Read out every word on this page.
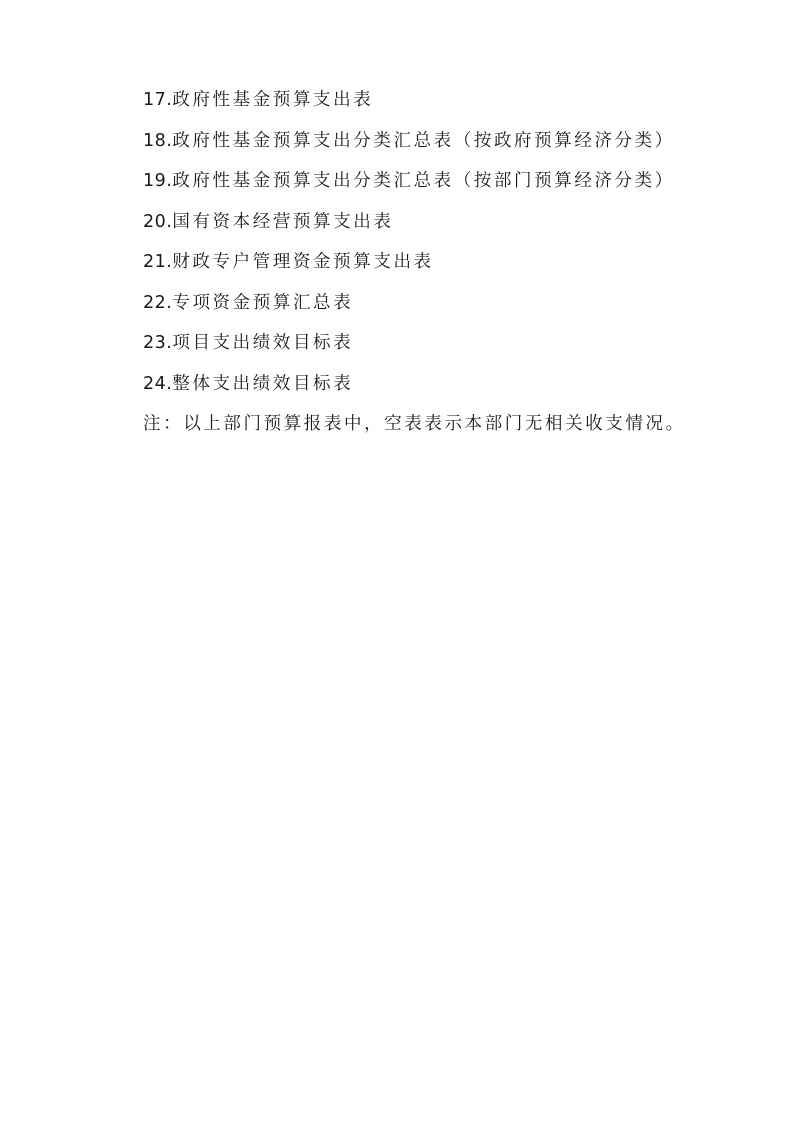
17.政府性基金预算支出表
18.政府性基金预算支出分类汇总表（按政府预算经济分类）
19.政府性基金预算支出分类汇总表（按部门预算经济分类）
20.国有资本经营预算支出表
21.财政专户管理资金预算支出表
22.专项资金预算汇总表
23.项目支出绩效目标表
24.整体支出绩效目标表
注：以上部门预算报表中，空表表示本部门无相关收支情况。
